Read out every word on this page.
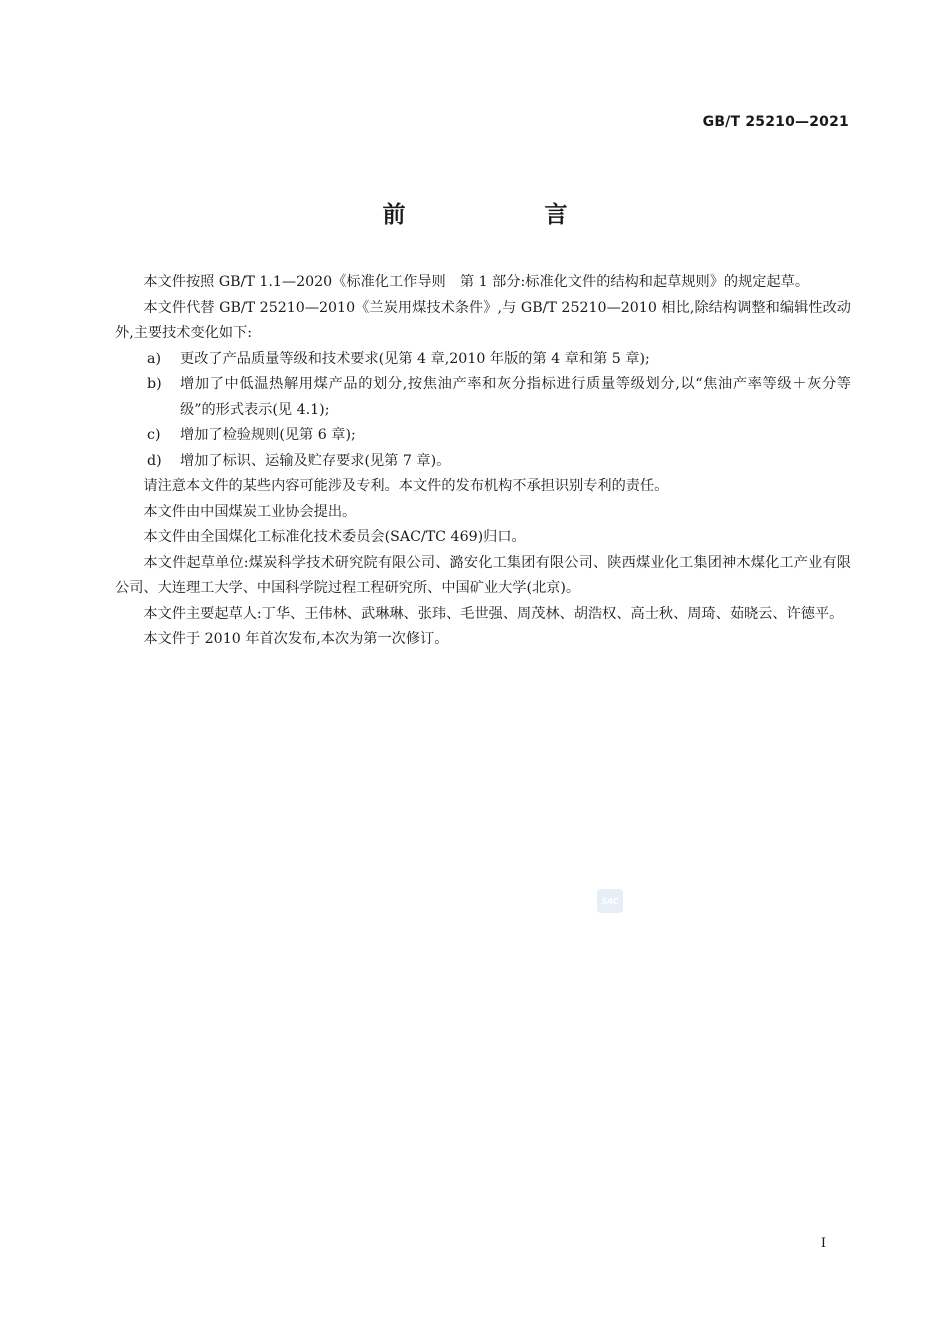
GB/T 25210—2021
前　言

本文件按照 GB/T 1.1—2020《标准化工作导则　第 1 部分:标准化文件的结构和起草规则》的规定起草。

本文件代替 GB/T 25210—2010《兰炭用煤技术条件》,与 GB/T 25210—2010 相比,除结构调整和编辑性改动外,主要技术变化如下:

a)	更改了产品质量等级和技术要求(见第 4 章,2010 年版的第 4 章和第 5 章);
b)	增加了中低温热解用煤产品的划分,按焦油产率和灰分指标进行质量等级划分,以“焦油产率等级＋灰分等级”的形式表示(见 4.1);
c)	增加了检验规则(见第 6 章);
d)	增加了标识、运输及贮存要求(见第 7 章)。

请注意本文件的某些内容可能涉及专利。本文件的发布机构不承担识别专利的责任。

本文件由中国煤炭工业协会提出。

本文件由全国煤化工标准化技术委员会(SAC/TC 469)归口。

本文件起草单位:煤炭科学技术研究院有限公司、潞安化工集团有限公司、陕西煤业化工集团神木煤化工产业有限公司、大连理工大学、中国科学院过程工程研究所、中国矿业大学(北京)。

本文件主要起草人:丁华、王伟林、武琳琳、张玮、毛世强、周茂林、胡浩权、高士秋、周琦、茹晓云、许德平。

本文件于 2010 年首次发布,本次为第一次修订。

SAC
I
